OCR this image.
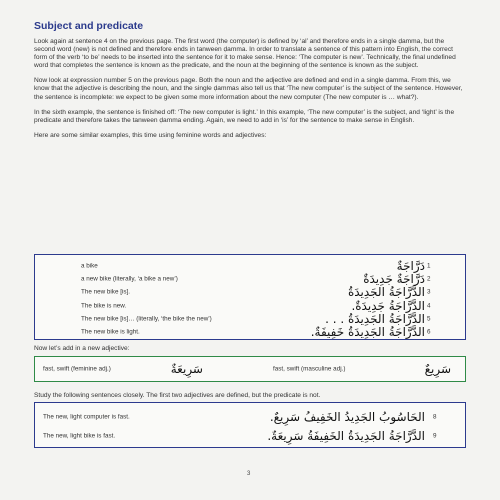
Subject and predicate

Look again at sentence 4 on the previous page. The first word (the computer) is defined by ‘al’ and therefore ends in a single ḍamma, but the second word (new) is not defined and therefore ends in tanween ḍamma. In order to translate a sentence of this pattern into English, the correct form of the verb ‘to be’ needs to be inserted into the sentence for it to make sense. Hence: ‘The computer is new’. Technically, the final undefined word that completes the sentence is known as the predicate, and the noun at the beginning of the sentence is known as the subject.

Now look at expression number 5 on the previous page. Both the noun and the adjective are defined and end in a single ḍamma. From this, we know that the adjective is describing the noun, and the single ḍammas also tell us that ‘The new computer’ is the subject of the sentence. However, the sentence is incomplete: we expect to be given some more information about the new computer (The new computer is … what?).

In the sixth example, the sentence is finished off: ‘The new computer is light.’ In this example, ‘The new computer’ is the subject, and ‘light’ is the predicate and therefore takes the tanween ḍamma ending. Again, we need to add in ‘is’ for the sentence to make sense in English.

Here are some similar examples, this time using feminine words and adjectives:

a bike	دَرَّاجَةٌ 1
a new bike (literally, ‘a bike a new’)	دَرَّاجَةٌ جَدِيدَةٌ 2
The new bike [is].	الدَّرَّاجَةُ الجَدِيدَةُ 3
The bike is new.	الدَّرَّاجَةُ جَدِيدَةٌ. 4
The new bike [is]… (literally, ‘the bike the new’)	الدَّرَّاجَةُ الجَدِيدَةُ . . . 5
The new bike is light.	الدَّرَّاجَةُ الجَدِيدَةُ خَفِيفَةٌ. 6
Now let’s add in a new adjective:
fast, swift (feminine adj.)	سَرِيعَةٌ	fast, swift (masculine adj.)	سَرِيعٌ
Study the following sentences closely. The first two adjectives are defined, but the predicate is not.
The new, light computer is fast.	الحَاسُوبُ الجَدِيدُ الخَفِيفُ سَرِيعٌ. 8
The new, light bike is fast.	الدَّرَّاجَةُ الجَدِيدَةُ الخَفِيفَةُ سَرِيعَةٌ. 9
3
